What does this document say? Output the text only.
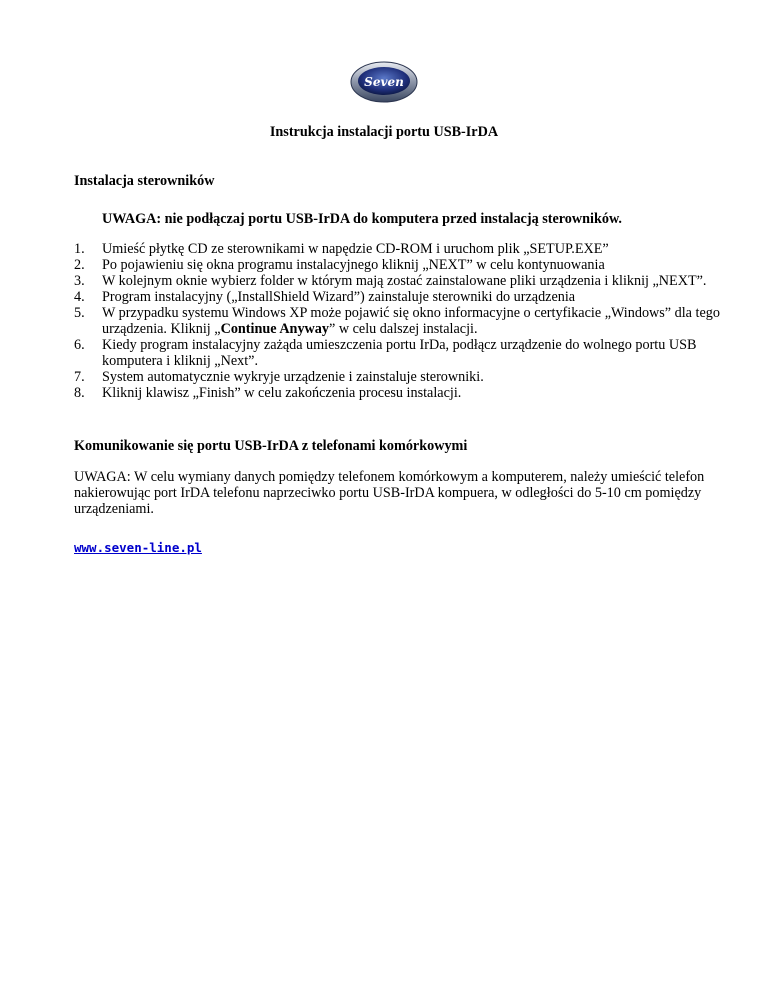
Seven
Instrukcja instalacji portu USB-IrDA
Instalacja sterowników
UWAGA: nie podłączaj portu USB-IrDA do komputera przed instalacją sterowników.
1. Umieść płytkę CD ze sterownikami w napędzie CD-ROM i uruchom plik „SETUP.EXE”
2. Po pojawieniu się okna programu instalacyjnego kliknij „NEXT” w celu kontynuowania
3. W kolejnym oknie wybierz folder w którym mają zostać zainstalowane pliki urządzenia i kliknij „NEXT”.
4. Program instalacyjny („InstallShield Wizard”) zainstaluje sterowniki do urządzenia
5. W przypadku systemu Windows XP może pojawić się okno informacyjne o certyfikacie „Windows” dla tego urządzenia. Kliknij „Continue Anyway” w celu dalszej instalacji.
6. Kiedy program instalacyjny zażąda umieszczenia portu IrDa, podłącz urządzenie do wolnego portu USB komputera i kliknij „Next”.
7. System automatycznie wykryje urządzenie i zainstaluje sterowniki.
8. Kliknij klawisz „Finish” w celu zakończenia procesu instalacji.
Komunikowanie się portu USB-IrDA z telefonami komórkowymi
UWAGA: W celu wymiany danych pomiędzy telefonem komórkowym a komputerem, należy umieścić telefon nakierowując port IrDA telefonu naprzeciwko portu USB-IrDA kompuera, w odległości do 5-10 cm pomiędzy urządzeniami.
www.seven-line.pl
